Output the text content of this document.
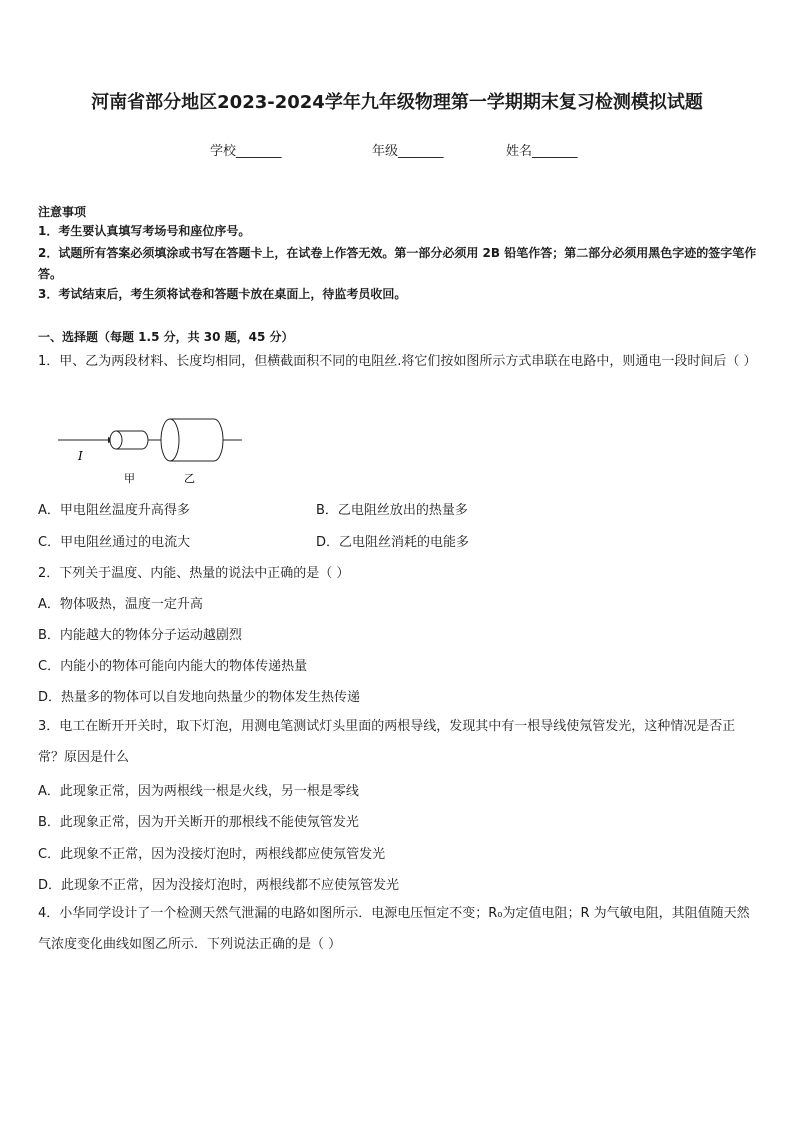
河南省部分地区2023-2024学年九年级物理第一学期期末复习检测模拟试题
学校_______	年级_______	姓名_______
注意事项
1．考生要认真填写考场号和座位序号。
2．试题所有答案必须填涂或书写在答题卡上，在试卷上作答无效。第一部分必须用 2B 铅笔作答；第二部分必须用黑色字迹的签字笔作答。
3．考试结束后，考生须将试卷和答题卡放在桌面上，待监考员收回。
一、选择题（每题 1.5 分，共 30 题，45 分）
1．甲、乙为两段材料、长度均相同，但横截面积不同的电阻丝.将它们按如图所示方式串联在电路中，则通电一段时间后（ ）
I
甲	乙
A．甲电阻丝温度升高得多	B．乙电阻丝放出的热量多
C．甲电阻丝通过的电流大	D．乙电阻丝消耗的电能多
2．下列关于温度、内能、热量的说法中正确的是（ ）
A．物体吸热，温度一定升高
B．内能越大的物体分子运动越剧烈
C．内能小的物体可能向内能大的物体传递热量
D．热量多的物体可以自发地向热量少的物体发生热传递
3．电工在断开开关时，取下灯泡，用测电笔测试灯头里面的两根导线，发现其中有一根导线使氖管发光，这种情况是否正常？原因是什么
A．此现象正常，因为两根线一根是火线，另一根是零线
B．此现象正常，因为开关断开的那根线不能使氖管发光
C．此现象不正常，因为没接灯泡时，两根线都应使氖管发光
D．此现象不正常，因为没接灯泡时，两根线都不应使氖管发光
4．小华同学设计了一个检测天然气泄漏的电路如图所示．电源电压恒定不变；R₀为定值电阻；R 为气敏电阻，其阻值随天然气浓度变化曲线如图乙所示．下列说法正确的是（ ）
